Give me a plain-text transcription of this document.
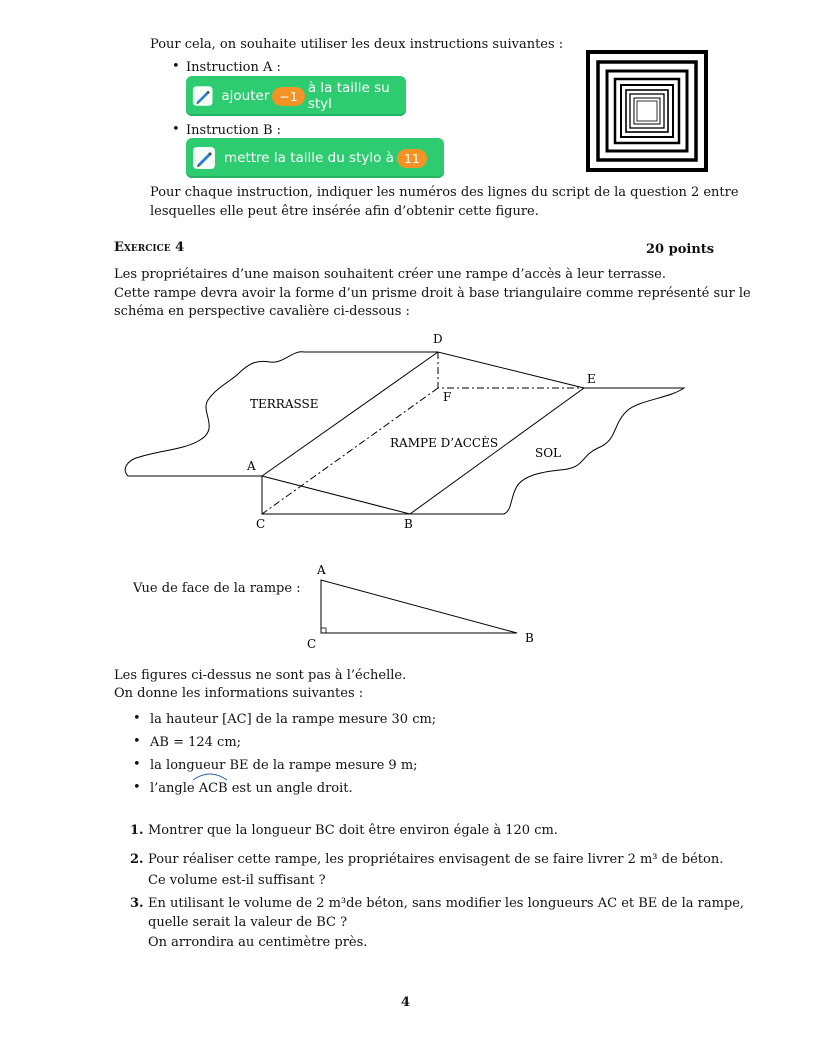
Pour cela, on souhaite utiliser les deux instructions suivantes :
• Instruction A :
ajouter −1 à la taille su styl
• Instruction B :
mettre la taille du stylo à 11
Pour chaque instruction, indiquer les numéros des lignes du script de la question 2 entre
lesquelles elle peut être insérée afin d’obtenir cette figure.
Exercice 4	20 points
Les propriétaires d’une maison souhaitent créer une rampe d’accès à leur terrasse.
Cette rampe devra avoir la forme d’un prisme droit à base triangulaire comme représenté sur le
schéma en perspective cavalière ci-dessous :
A
B
C
D
E
F
TERRASSE
RAMPE D’ACCÈS
SOL
Vue de face de la rampe :
A
C	B
Les figures ci-dessus ne sont pas à l’échelle.
On donne les informations suivantes :
• la hauteur [AC] de la rampe mesure 30 cm;
• AB = 124 cm;
• la longueur BE de la rampe mesure 9 m;
• l’angle ACB est un angle droit.
1. Montrer que la longueur BC doit être environ égale à 120 cm.
2. Pour réaliser cette rampe, les propriétaires envisagent de se faire livrer 2 m³ de béton.
Ce volume est-il suffisant ?
3. En utilisant le volume de 2 m³de béton, sans modifier les longueurs AC et BE de la rampe,
quelle serait la valeur de BC ?
On arrondira au centimètre près.
4
